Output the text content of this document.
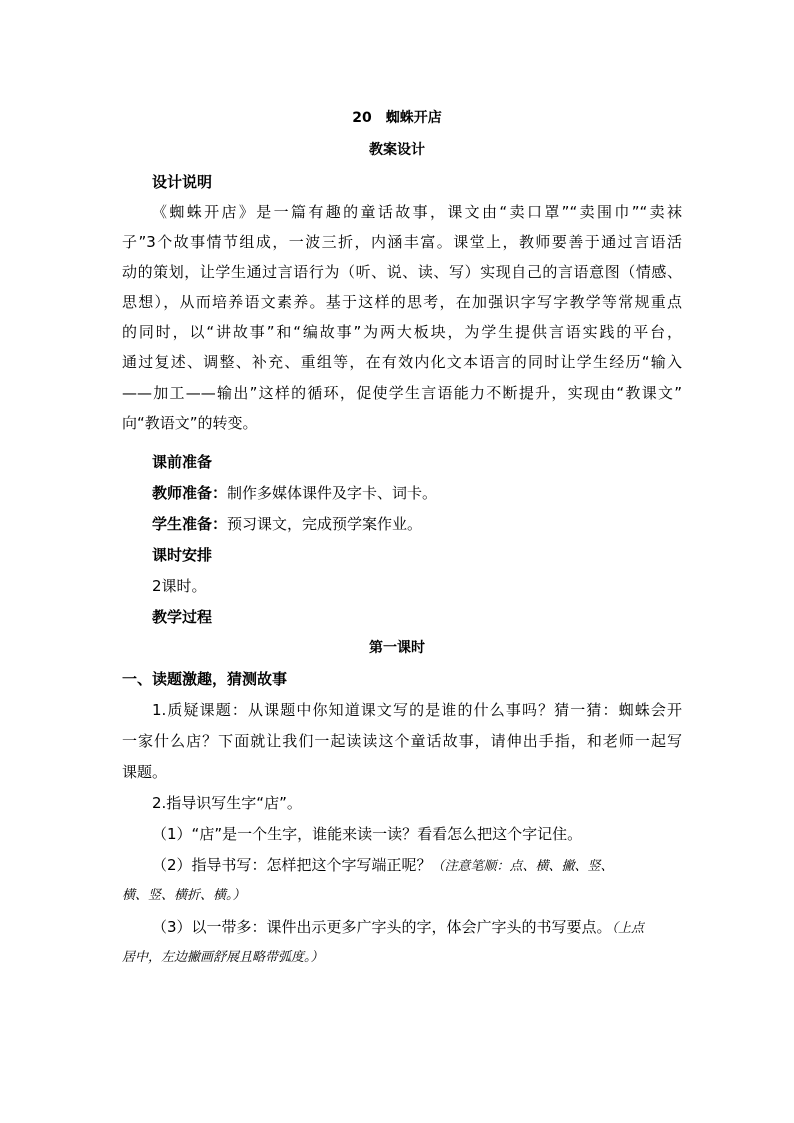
20　蜘蛛开店
教案设计
设计说明
《蜘蛛开店》是一篇有趣的童话故事，课文由“卖口罩”“卖围巾”“卖袜
子”3个故事情节组成，一波三折，内涵丰富。课堂上，教师要善于通过言语活
动的策划，让学生通过言语行为（听、说、读、写）实现自己的言语意图（情感、
思想），从而培养语文素养。基于这样的思考，在加强识字写字教学等常规重点
的同时，以“讲故事”和“编故事”为两大板块，为学生提供言语实践的平台，
通过复述、调整、补充、重组等，在有效内化文本语言的同时让学生经历“输入
——加工——输出”这样的循环，促使学生言语能力不断提升，实现由“教课文”
向“教语文”的转变。
课前准备
教师准备：制作多媒体课件及字卡、词卡。
学生准备：预习课文，完成预学案作业。
课时安排
2课时。
教学过程
第一课时
一、读题激趣，猜测故事
1.质疑课题：从课题中你知道课文写的是谁的什么事吗？猜一猜：蜘蛛会开
一家什么店？下面就让我们一起读读这个童话故事，请伸出手指，和老师一起写
课题。
2.指导识写生字“店”。
（1）“店”是一个生字，谁能来读一读？看看怎么把这个字记住。
（2）指导书写：怎样把这个字写端正呢？（注意笔顺：点、横、撇、竖、
横、竖、横折、横。）
（3）以一带多：课件出示更多广字头的字，体会广字头的书写要点。（上点
居中，左边撇画舒展且略带弧度。）
